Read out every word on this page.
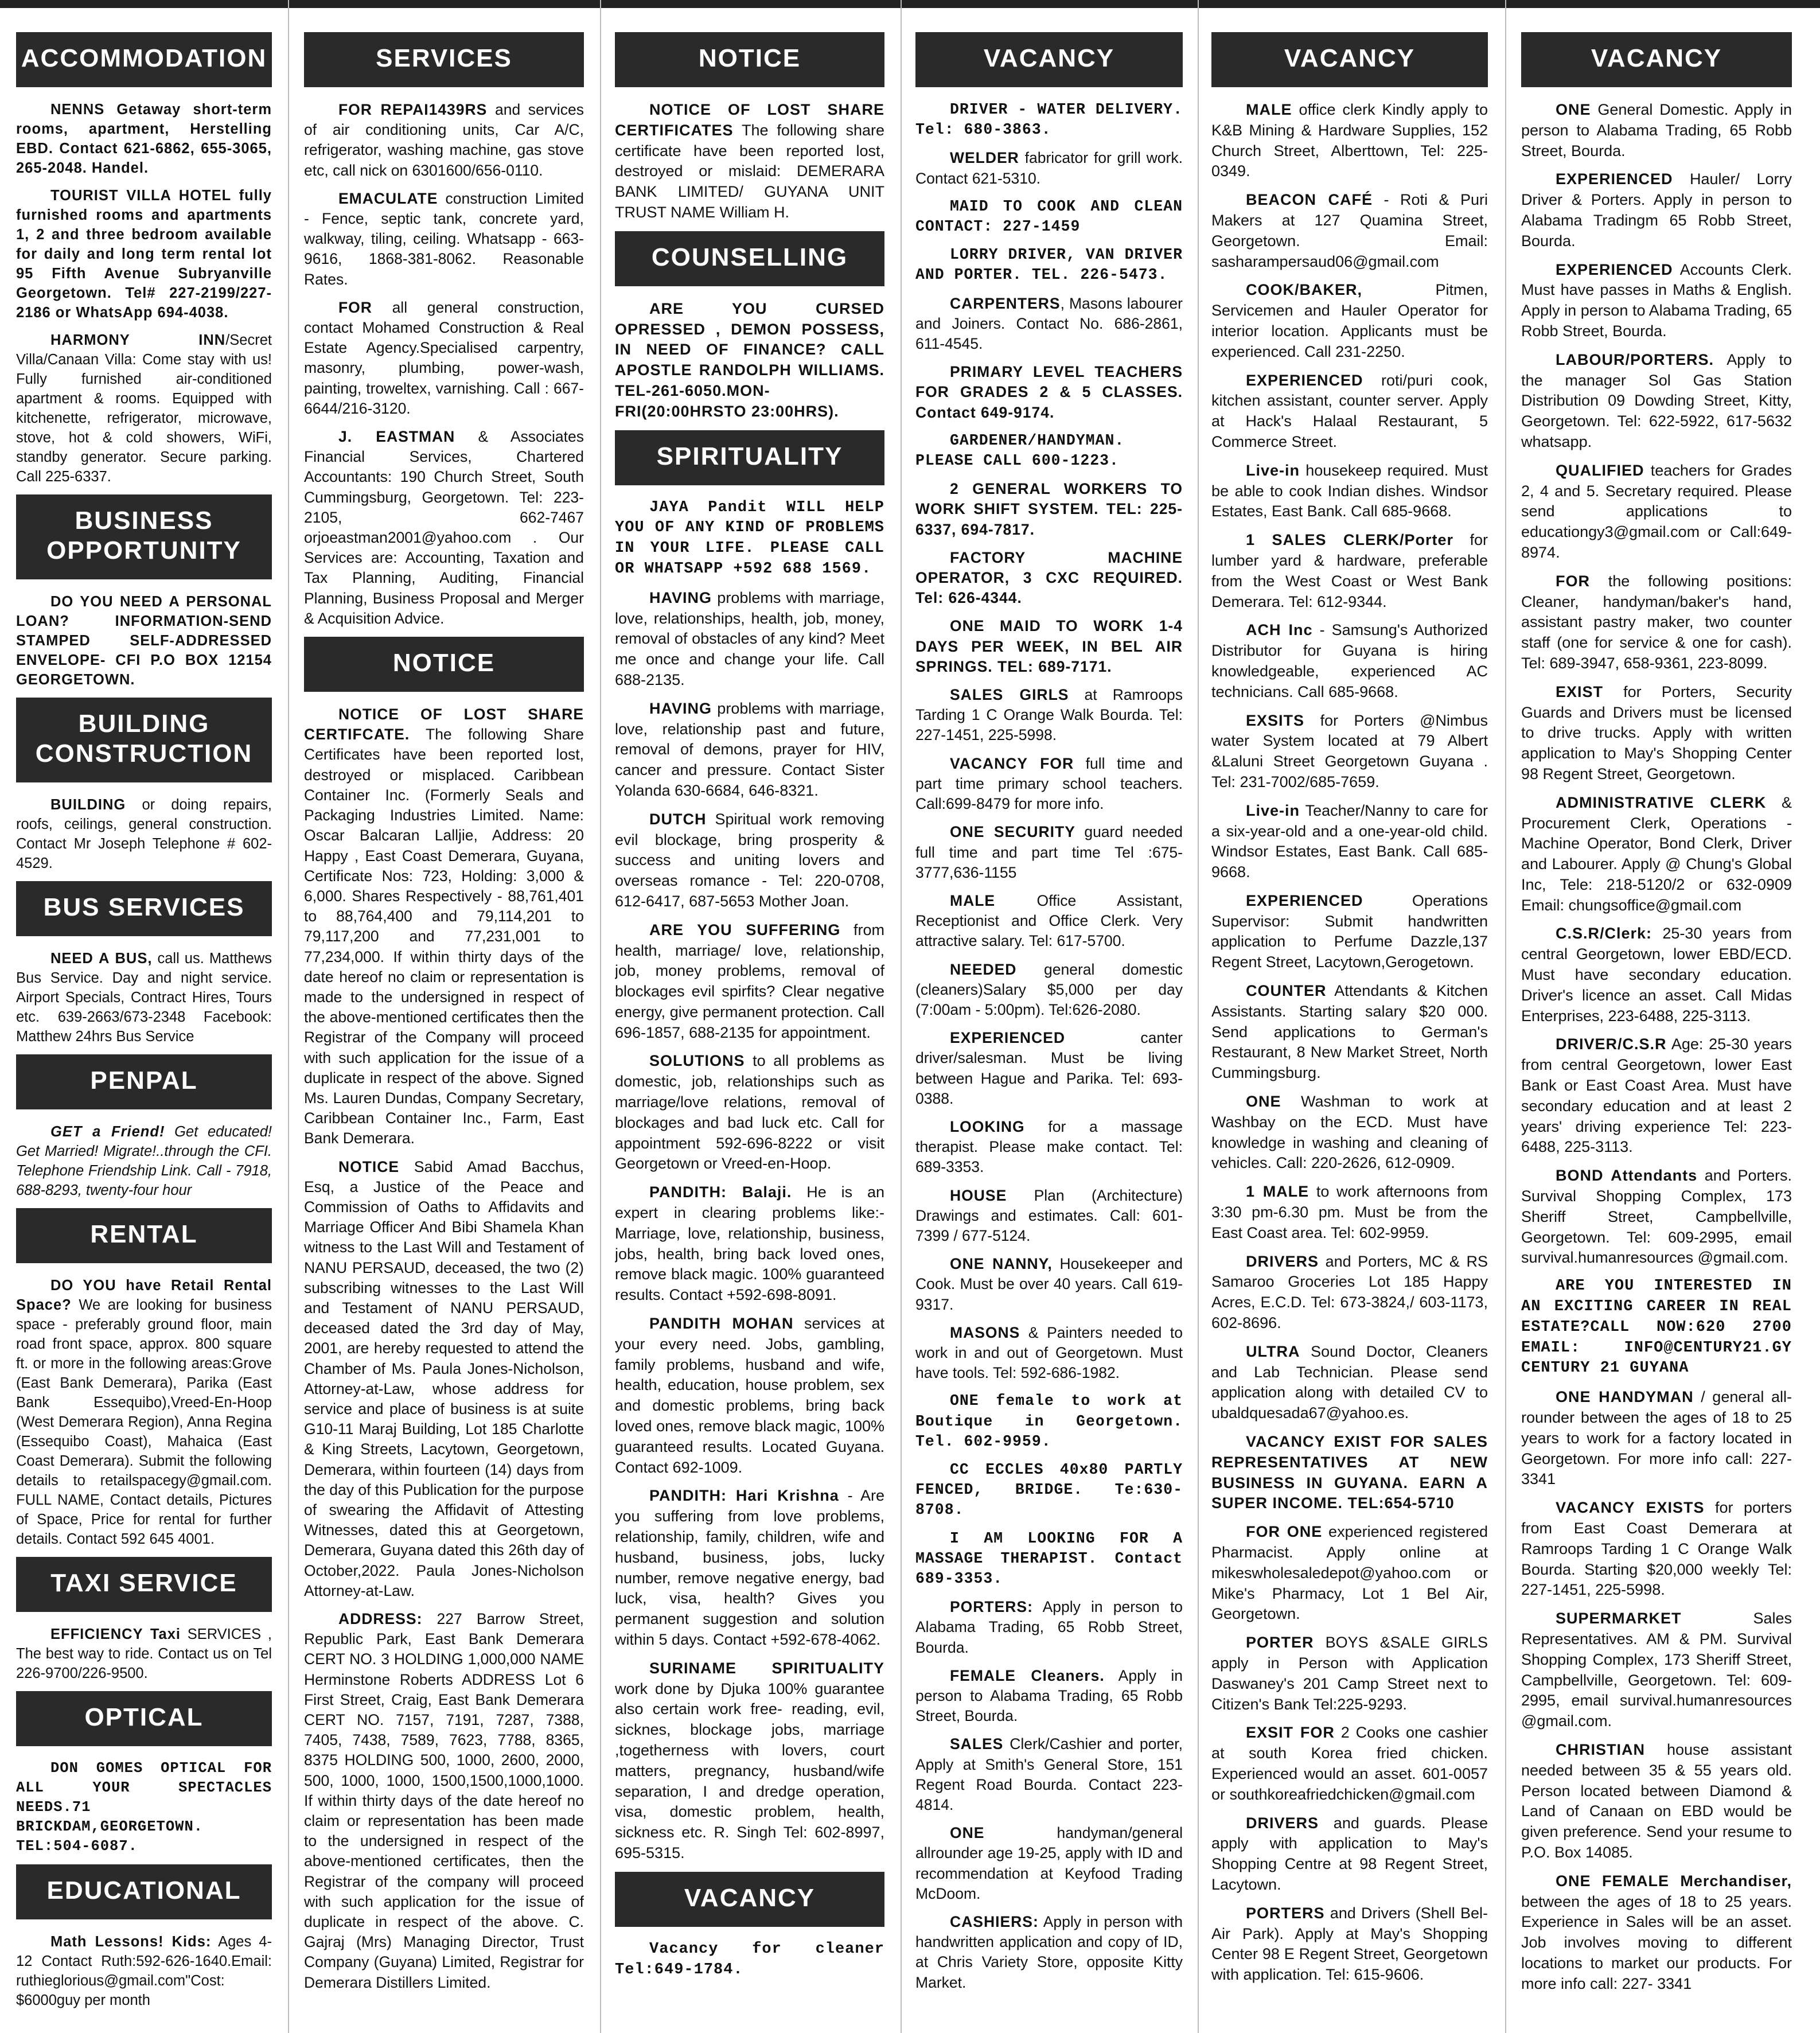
ACCOMMODATION

NENNS Getaway short-term rooms, apartment, Herstelling EBD. Contact 621-6862, 655-3065, 265-2048. Handel.

TOURIST VILLA HOTEL fully furnished rooms and apartments 1, 2 and three bedroom available for daily and long term rental lot 95 Fifth Avenue Subryanville Georgetown. Tel# 227-2199/227-2186 or WhatsApp 694-4038.

HARMONY INN/Secret Villa/Canaan Villa: Come stay with us! Fully furnished air-conditioned apartment & rooms. Equipped with kitchenette, refrigerator, microwave, stove, hot & cold showers, WiFi, standby generator. Secure parking. Call 225-6337.

BUSINESS OPPORTUNITY

DO YOU NEED A PERSONAL LOAN? INFORMATION-SEND STAMPED SELF-ADDRESSED ENVELOPE- CFI P.O BOX 12154 GEORGETOWN.

BUILDING CONSTRUCTION

BUILDING or doing repairs, roofs, ceilings, general construction. Contact Mr Joseph Telephone # 602-4529.

BUS SERVICES

NEED A BUS, call us. Matthews Bus Service. Day and night service. Airport Specials, Contract Hires, Tours etc. 639-2663/673-2348 Facebook: Matthew 24hrs Bus Service

PENPAL

GET a Friend! Get educated! Get Married! Migrate!..through the CFI. Telephone Friendship Link. Call - 7918, 688-8293, twenty-four hour

RENTAL

DO YOU have Retail Rental Space? We are looking for business space - preferably ground floor, main road front space, approx. 800 square ft. or more in the following areas:Grove (East Bank Demerara), Parika (East Bank Essequibo),Vreed-En-Hoop (West Demerara Region), Anna Regina (Essequibo Coast), Mahaica (East Coast Demerara). Submit the following details to retailspacegy@gmail.com. FULL NAME, Contact details, Pictures of Space, Price for rental for further details. Contact 592 645 4001.

TAXI SERVICE

EFFICIENCY Taxi SERVICES , The best way to ride. Contact us on Tel 226-9700/226-9500.

OPTICAL

DON GOMES OPTICAL FOR ALL YOUR SPECTACLES NEEDS.71 BRICKDAM,GEORGETOWN. TEL:504-6087.

EDUCATIONAL

Math Lessons! Kids: Ages 4-12 Contact Ruth:592-626-1640.Email: ruthieglorious@gmail.com"Cost: $6000guy per month

SERVICES

FOR REPAI1439RS and services of air conditioning units, Car A/C, refrigerator, washing machine, gas stove etc, call nick on 6301600/656-0110.

EMACULATE construction Limited - Fence, septic tank, concrete yard, walkway, tiling, ceiling. Whatsapp - 663-9616, 1868-381-8062. Reasonable Rates.

FOR all general construction, contact Mohamed Construction & Real Estate Agency.Specialised carpentry, masonry, plumbing, power-wash, painting, troweltex, varnishing. Call : 667-6644/216-3120.

J. EASTMAN & Associates Financial Services, Chartered Accountants: 190 Church Street, South Cummingsburg, Georgetown. Tel: 223-2105, 662-7467 orjoeastman2001@yahoo.com . Our Services are: Accounting, Taxation and Tax Planning, Auditing, Financial Planning, Business Proposal and Merger & Acquisition Advice.

NOTICE

NOTICE OF LOST SHARE CERTIFCATE. The following Share Certificates have been reported lost, destroyed or misplaced. Caribbean Container Inc. (Formerly Seals and Packaging Industries Limited. Name: Oscar Balcaran Lalljie, Address: 20 Happy , East Coast Demerara, Guyana, Certificate Nos: 723, Holding: 3,000 & 6,000. Shares Respectively - 88,761,401 to 88,764,400 and 79,114,201 to 79,117,200 and 77,231,001 to 77,234,000. If within thirty days of the date hereof no claim or representation is made to the undersigned in respect of the above-mentioned certificates then the Registrar of the Company will proceed with such application for the issue of a duplicate in respect of the above. Signed Ms. Lauren Dundas, Company Secretary, Caribbean Container Inc., Farm, East Bank Demerara.

NOTICE Sabid Amad Bacchus, Esq, a Justice of the Peace and Commission of Oaths to Affidavits and Marriage Officer And Bibi Shamela Khan witness to the Last Will and Testament of NANU PERSAUD, deceased, the two (2) subscribing witnesses to the Last Will and Testament of NANU PERSAUD, deceased dated the 3rd day of May, 2001, are hereby requested to attend the Chamber of Ms. Paula Jones-Nicholson, Attorney-at-Law, whose address for service and place of business is at suite G10-11 Maraj Building, Lot 185 Charlotte & King Streets, Lacytown, Georgetown, Demerara, within fourteen (14) days from the day of this Publication for the purpose of swearing the Affidavit of Attesting Witnesses, dated this at Georgetown, Demerara, Guyana dated this 26th day of October,2022. Paula Jones-Nicholson Attorney-at-Law.

ADDRESS: 227 Barrow Street, Republic Park, East Bank Demerara CERT NO. 3 HOLDING 1,000,000 NAME Herminstone Roberts ADDRESS Lot 6 First Street, Craig, East Bank Demerara CERT NO. 7157, 7191, 7287, 7388, 7405, 7438, 7589, 7623, 7788, 8365, 8375 HOLDING 500, 1000, 2600, 2000, 500, 1000, 1000, 1500,1500,1000,1000. If within thirty days of the date hereof no claim or representation has been made to the undersigned in respect of the above-mentioned certificates, then the Registrar of the company will proceed with such application for the issue of duplicate in respect of the above. C. Gajraj (Mrs) Managing Director, Trust Company (Guyana) Limited, Registrar for Demerara Distillers Limited.

NOTICE

NOTICE OF LOST SHARE CERTIFICATES The following share certificate have been reported lost, destroyed or mislaid: DEMERARA BANK LIMITED/ GUYANA UNIT TRUST NAME William H.

COUNSELLING

ARE YOU CURSED OPRESSED , DEMON POSSESS, IN NEED OF FINANCE? CALL APOSTLE RANDOLPH WILLIAMS. TEL-261-6050.MON-FRI(20:00HRSTO 23:00HRS).

SPIRITUALITY

JAYA Pandit WILL HELP YOU OF ANY KIND OF PROBLEMS IN YOUR LIFE. PLEASE CALL OR WHATSAPP +592 688 1569.

HAVING problems with marriage, love, relationships, health, job, money, removal of obstacles of any kind? Meet me once and change your life. Call 688-2135.

HAVING problems with marriage, love, relationship past and future, removal of demons, prayer for HIV, cancer and pressure. Contact Sister Yolanda 630-6684, 646-8321.

DUTCH Spiritual work removing evil blockage, bring prosperity & success and uniting lovers and overseas romance - Tel: 220-0708, 612-6417, 687-5653 Mother Joan.

ARE YOU SUFFERING from health, marriage/ love, relationship, job, money problems, removal of blockages evil spirfits? Clear negative energy, give permanent protection. Call 696-1857, 688-2135 for appointment.

SOLUTIONS to all problems as domestic, job, relationships such as marriage/love relations, removal of blockages and bad luck etc. Call for appointment 592-696-8222 or visit Georgetown or Vreed-en-Hoop.

PANDITH: Balaji. He is an expert in clearing problems like:- Marriage, love, relationship, business, jobs, health, bring back loved ones, remove black magic. 100% guaranteed results. Contact +592-698-8091.

PANDITH MOHAN services at your every need. Jobs, gambling, family problems, husband and wife, health, education, house problem, sex and domestic problems, bring back loved ones, remove black magic, 100% guaranteed results. Located Guyana. Contact 692-1009.

PANDITH: Hari Krishna - Are you suffering from love problems, relationship, family, children, wife and husband, business, jobs, lucky number, remove negative energy, bad luck, visa, health? Gives you permanent suggestion and solution within 5 days. Contact +592-678-4062.

SURINAME SPIRITUALITY work done by Djuka 100% guarantee also certain work free- reading, evil, sicknes, blockage jobs, marriage ,togetherness with lovers, court matters, pregnancy, husband/wife separation, I and dredge operation, visa, domestic problem, health, sickness etc. R. Singh Tel: 602-8997, 695-5315.

VACANCY

Vacancy for cleaner Tel:649-1784.

VACANCY

DRIVER - WATER DELIVERY. Tel: 680-3863.

WELDER fabricator for grill work. Contact 621-5310.

MAID TO COOK AND CLEAN CONTACT: 227-1459

LORRY DRIVER, VAN DRIVER AND PORTER. TEL. 226-5473.

CARPENTERS, Masons labourer and Joiners. Contact No. 686-2861, 611-4545.

PRIMARY LEVEL TEACHERS FOR GRADES 2 & 5 CLASSES. Contact 649-9174.

GARDENER/HANDYMAN. PLEASE CALL 600-1223.

2 GENERAL WORKERS TO WORK SHIFT SYSTEM. TEL: 225-6337, 694-7817.

FACTORY MACHINE OPERATOR, 3 CXC REQUIRED. Tel: 626-4344.

ONE MAID TO WORK 1-4 DAYS PER WEEK, IN BEL AIR SPRINGS. TEL: 689-7171.

SALES GIRLS at Ramroops Tarding 1 C Orange Walk Bourda. Tel: 227-1451, 225-5998.

VACANCY FOR full time and part time primary school teachers. Call:699-8479 for more info.

ONE SECURITY guard needed full time and part time Tel :675-3777,636-1155

MALE Office Assistant, Receptionist and Office Clerk. Very attractive salary. Tel: 617-5700.

NEEDED general domestic (cleaners)Salary $5,000 per day (7:00am - 5:00pm). Tel:626-2080.

EXPERIENCED canter driver/salesman. Must be living between Hague and Parika. Tel: 693-0388.

LOOKING for a massage therapist. Please make contact. Tel: 689-3353.

HOUSE Plan (Architecture) Drawings and estimates. Call: 601-7399 / 677-5124.

ONE NANNY, Housekeeper and Cook. Must be over 40 years. Call 619-9317.

MASONS & Painters needed to work in and out of Georgetown. Must have tools. Tel: 592-686-1982.

ONE female to work at Boutique in Georgetown. Tel. 602-9959.

CC ECCLES 40x80 PARTLY FENCED, BRIDGE. Te:630-8708.

I AM LOOKING FOR A MASSAGE THERAPIST. Contact 689-3353.

PORTERS: Apply in person to Alabama Trading, 65 Robb Street, Bourda.

FEMALE Cleaners. Apply in person to Alabama Trading, 65 Robb Street, Bourda.

SALES Clerk/Cashier and porter, Apply at Smith's General Store, 151 Regent Road Bourda. Contact 223-4814.

ONE handyman/general allrounder age 19-25, apply with ID and recommendation at Keyfood Trading McDoom.

CASHIERS: Apply in person with handwritten application and copy of ID, at Chris Variety Store, opposite Kitty Market.

VACANCY

MALE office clerk Kindly apply to K&B Mining & Hardware Supplies, 152 Church Street, Alberttown, Tel: 225-0349.

BEACON CAFÉ - Roti & Puri Makers at 127 Quamina Street, Georgetown. Email: sasharampersaud06@gmail.com

COOK/BAKER, Pitmen, Servicemen and Hauler Operator for interior location. Applicants must be experienced. Call 231-2250.

EXPERIENCED roti/puri cook, kitchen assistant, counter server. Apply at Hack's Halaal Restaurant, 5 Commerce Street.

Live-in housekeep required. Must be able to cook Indian dishes. Windsor Estates, East Bank. Call 685-9668.

1 SALES CLERK/Porter for lumber yard & hardware, preferable from the West Coast or West Bank Demerara. Tel: 612-9344.

ACH Inc - Samsung's Authorized Distributor for Guyana is hiring knowledgeable, experienced AC technicians. Call 685-9668.

EXSITS for Porters @Nimbus water System located at 79 Albert &Laluni Street Georgetown Guyana . Tel: 231-7002/685-7659.

Live-in Teacher/Nanny to care for a six-year-old and a one-year-old child. Windsor Estates, East Bank. Call 685-9668.

EXPERIENCED Operations Supervisor: Submit handwritten application to Perfume Dazzle,137 Regent Street, Lacytown,Gerogetown.

COUNTER Attendants & Kitchen Assistants. Starting salary $20 000. Send applications to German's Restaurant, 8 New Market Street, North Cummingsburg.

ONE Washman to work at Washbay on the ECD. Must have knowledge in washing and cleaning of vehicles. Call: 220-2626, 612-0909.

1 MALE to work afternoons from 3:30 pm-6.30 pm. Must be from the East Coast area. Tel: 602-9959.

DRIVERS and Porters, MC & RS Samaroo Groceries Lot 185 Happy Acres, E.C.D. Tel: 673-3824,/ 603-1173, 602-8696.

ULTRA Sound Doctor, Cleaners and Lab Technician. Please send application along with detailed CV to ubaldquesada67@yahoo.es.

VACANCY EXIST FOR SALES REPRESENTATIVES AT NEW BUSINESS IN GUYANA. EARN A SUPER INCOME. TEL:654-5710

FOR ONE experienced registered Pharmacist. Apply online at mikeswholesaledepot@yahoo.com or Mike's Pharmacy, Lot 1 Bel Air, Georgetown.

PORTER BOYS &SALE GIRLS apply in Person with Application Daswaney's 201 Camp Street next to Citizen's Bank Tel:225-9293.

EXSIT FOR 2 Cooks one cashier at south Korea fried chicken. Experienced would an asset. 601-0057 or southkoreafriedchicken@gmail.com

DRIVERS and guards. Please apply with application to May's Shopping Centre at 98 Regent Street, Lacytown.

PORTERS and Drivers (Shell Bel-Air Park). Apply at May's Shopping Center 98 E Regent Street, Georgetown with application. Tel: 615-9606.

VACANCY

ONE General Domestic. Apply in person to Alabama Trading, 65 Robb Street, Bourda.

EXPERIENCED Hauler/ Lorry Driver & Porters. Apply in person to Alabama Tradingm 65 Robb Street, Bourda.

EXPERIENCED Accounts Clerk. Must have passes in Maths & English. Apply in person to Alabama Trading, 65 Robb Street, Bourda.

LABOUR/PORTERS. Apply to the manager Sol Gas Station Distribution 09 Dowding Street, Kitty, Georgetown. Tel: 622-5922, 617-5632 whatsapp.

QUALIFIED teachers for Grades 2, 4 and 5. Secretary required. Please send applications to educationgy3@gmail.com or Call:649-8974.

FOR the following positions: Cleaner, handyman/baker's hand, assistant pastry maker, two counter staff (one for service & one for cash). Tel: 689-3947, 658-9361, 223-8099.

EXIST for Porters, Security Guards and Drivers must be licensed to drive trucks. Apply with written application to May's Shopping Center 98 Regent Street, Georgetown.

ADMINISTRATIVE CLERK & Procurement Clerk, Operations - Machine Operator, Bond Clerk, Driver and Labourer. Apply @ Chung's Global Inc, Tele: 218-5120/2 or 632-0909 Email: chungsoffice@gmail.com

C.S.R/Clerk: 25-30 years from central Georgetown, lower EBD/ECD. Must have secondary education. Driver's licence an asset. Call Midas Enterprises, 223-6488, 225-3113.

DRIVER/C.S.R Age: 25-30 years from central Georgetown, lower East Bank or East Coast Area. Must have secondary education and at least 2 years' driving experience Tel: 223-6488, 225-3113.

BOND Attendants and Porters. Survival Shopping Complex, 173 Sheriff Street, Campbellville, Georgetown. Tel: 609-2995, email survival.humanresources @gmail.com.

ARE YOU INTERESTED IN AN EXCITING CAREER IN REAL ESTATE?CALL NOW:620 2700 EMAIL: INFO@CENTURY21.GY CENTURY 21 GUYANA

ONE HANDYMAN / general all-rounder between the ages of 18 to 25 years to work for a factory located in Georgetown. For more info call: 227- 3341

VACANCY EXISTS for porters from East Coast Demerara at Ramroops Tarding 1 C Orange Walk Bourda. Starting $20,000 weekly Tel: 227-1451, 225-5998.

SUPERMARKET Sales Representatives. AM & PM. Survival Shopping Complex, 173 Sheriff Street, Campbellville, Georgetown. Tel: 609-2995, email survival.humanresources @gmail.com.

CHRISTIAN house assistant needed between 35 & 55 years old. Person located between Diamond & Land of Canaan on EBD would be given preference. Send your resume to P.O. Box 14085.

ONE FEMALE Merchandiser, between the ages of 18 to 25 years. Experience in Sales will be an asset. Job involves moving to different locations to market our products. For more info call: 227- 3341
